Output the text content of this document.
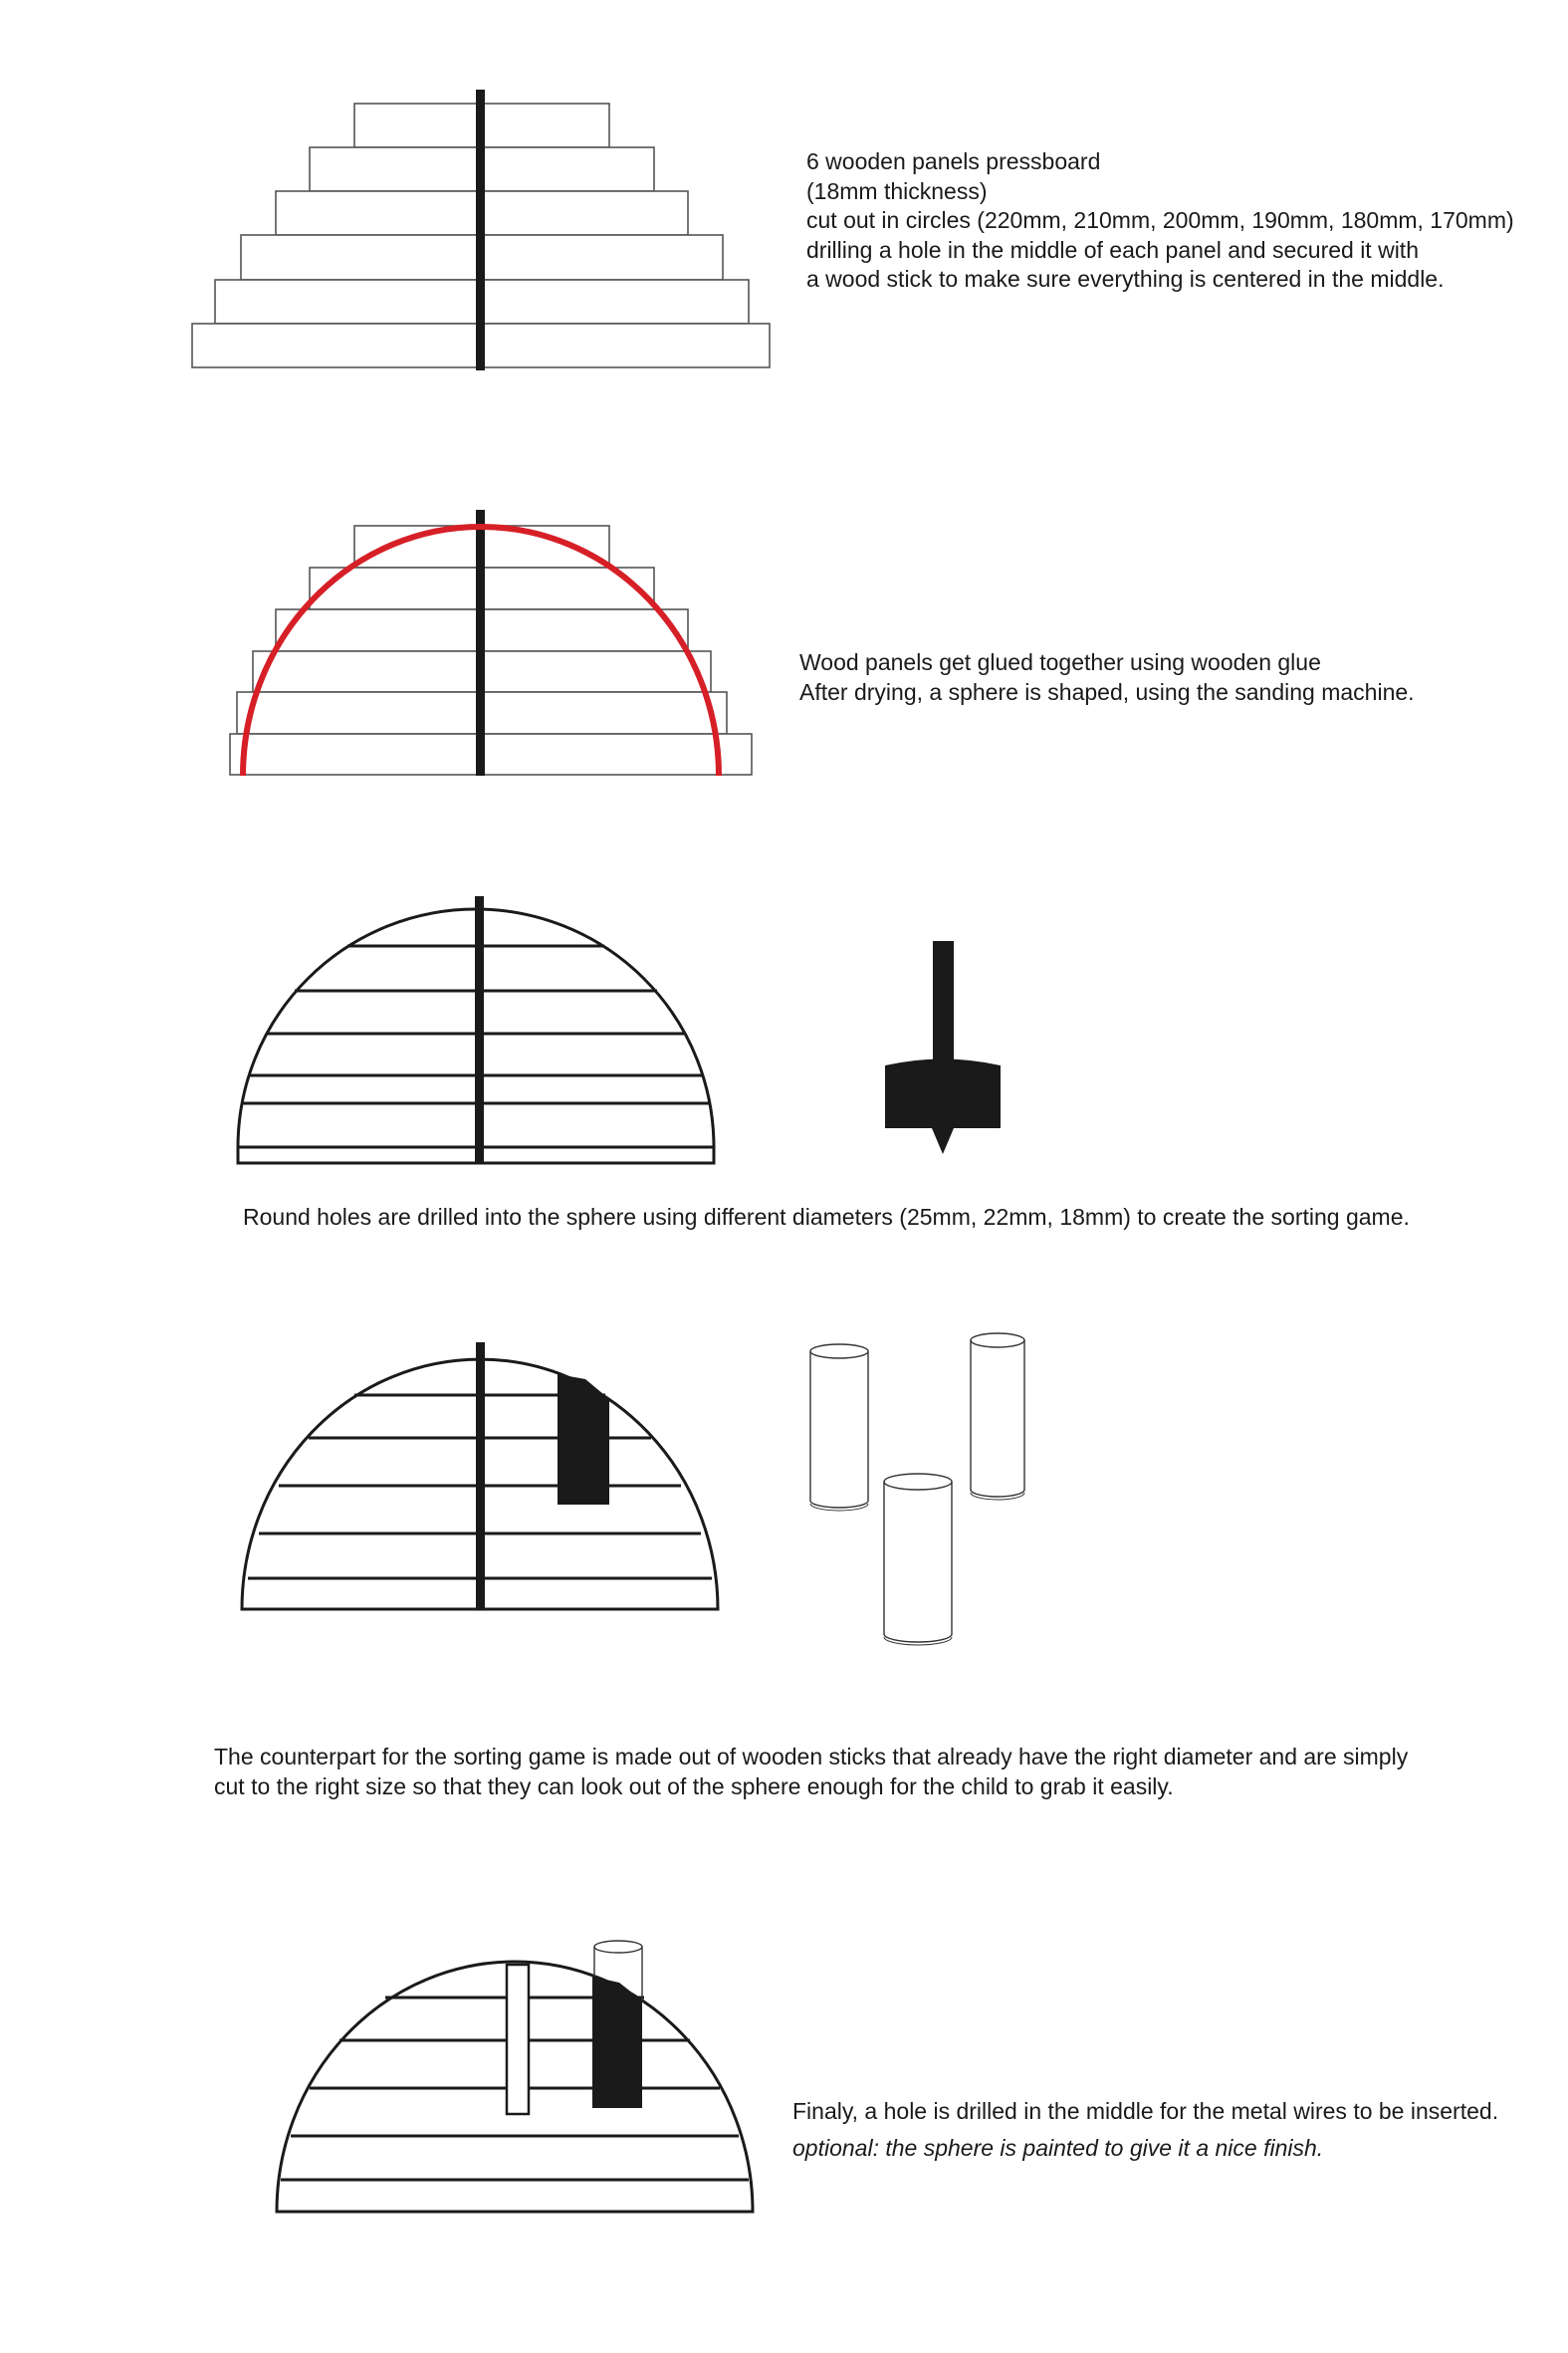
6 wooden panels pressboard

(18mm thickness)

cut out in circles (220mm, 210mm, 200mm, 190mm, 180mm, 170mm)

drilling a hole in the middle of each panel and secured it with

a wood stick to make sure everything is centered in the middle.

Wood panels get glued together using wooden glue

After drying, a sphere is shaped, using the sanding machine.

Round holes are drilled into the sphere using different diameters (25mm, 22mm, 18mm) to create the sorting game.

The counterpart for the sorting game is made out of wooden sticks that already have the right diameter and are simply

cut to the right size so that they can look out of the sphere enough for the child to grab it easily.

Finaly, a hole is drilled in the middle for the metal wires to be inserted.

optional: the sphere is painted to give it a nice finish.
